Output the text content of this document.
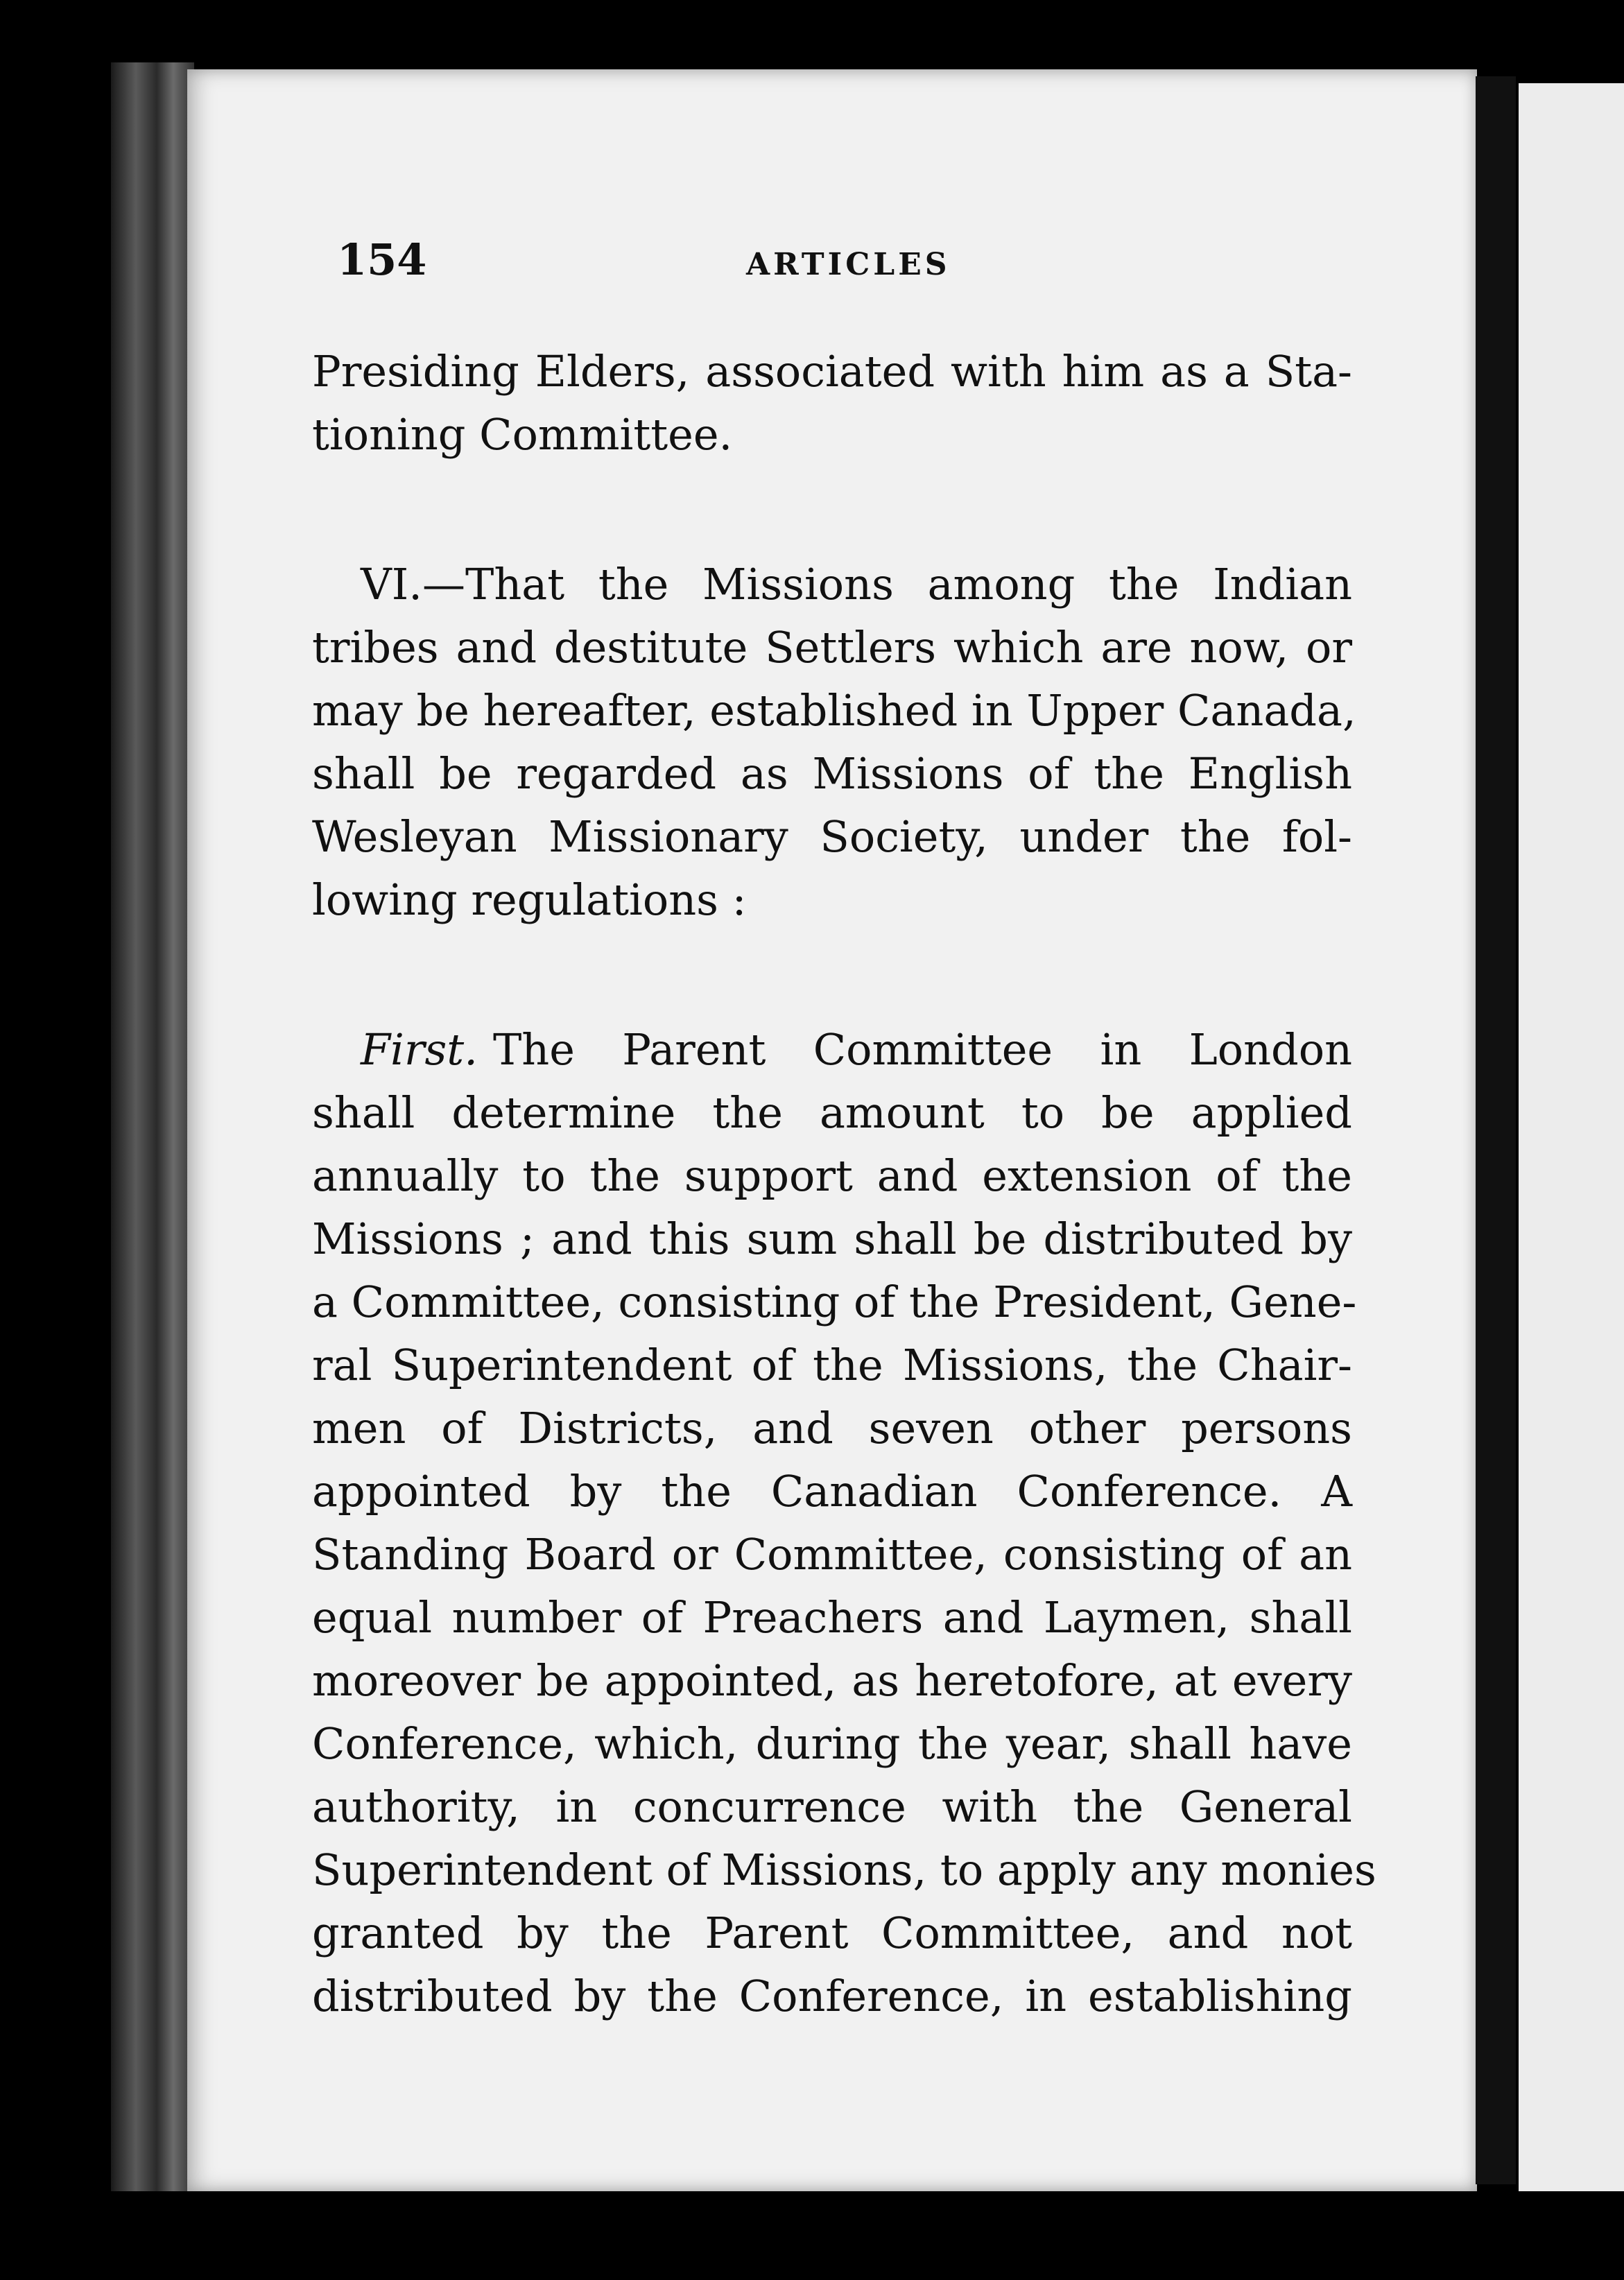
154	ARTICLES
Presiding Elders, associated with him as a Sta-
tioning Committee.
VI.—That the Missions among the Indian
tribes and destitute Settlers which are now, or
may be hereafter, established in Upper Canada,
shall be regarded as Missions of the English
Wesleyan Missionary Society, under the fol-
lowing regulations :
First. The Parent Committee in London
shall determine the amount to be applied
annually to the support and extension of the
Missions ; and this sum shall be distributed by
a Committee, consisting of the President, Gene-
ral Superintendent of the Missions, the Chair-
men of Districts, and seven other persons
appointed by the Canadian Conference. A
Standing Board or Committee, consisting of an
equal number of Preachers and Laymen, shall
moreover be appointed, as heretofore, at every
Conference, which, during the year, shall have
authority, in concurrence with the General
Superintendent of Missions, to apply any monies
granted by the Parent Committee, and not
distributed by the Conference, in establishing
